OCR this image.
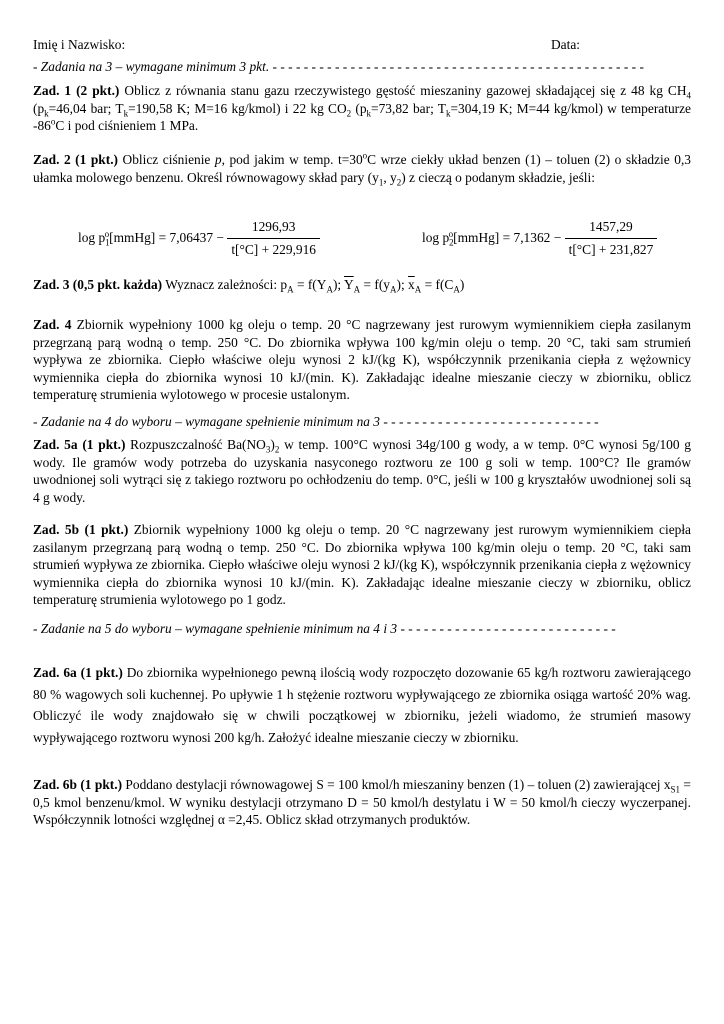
Imię i Nazwisko:	Data:
- Zadania na 3 – wymagane minimum 3 pkt. - - - - - - - - - - - - - - - - - - - - - - - - - - - - - - - - - - - - - - - - - - - - - - - -
Zad. 1 (2 pkt.) Oblicz z równania stanu gazu rzeczywistego gęstość mieszaniny gazowej składającej się z 48 kg $CH_4$ ($p_k=46,04$ bar; $T_k=190,58$ K; M=16 kg/kmol) i 22 kg $CO_2$ ($p_k=73,82$ bar; $T_k=304,19$ K; M=44 kg/kmol) w temperaturze -86$^o$C i pod ciśnieniem 1 MPa.
Zad. 2 (1 pkt.) Oblicz ciśnienie p, pod jakim w temp. $t=30^oC$ wrze ciekły układ benzen (1) – toluen (2) o składzie 0,3 ułamka molowego benzenu. Określ równowagowy skład pary ($y_1$, $y_2$) z cieczą o podanym składzie, jeśli:
$\log p_1^o[mmHg] = 7,06437 - \frac{1296,93}{t[^\circ C] + 229,916}$	$\log p_2^o[mmHg] = 7,1362 - \frac{1457,29}{t[^\circ C] + 231,827}$
Zad. 3 (0,5 pkt. każda) Wyznacz zależności: $p_A = f(Y_A)$; $\overline{Y}_A = f(y_A)$; $\overline{x}_A = f(C_A)$
Zad. 4 Zbiornik wypełniony 1000 kg oleju o temp. 20 °C nagrzewany jest rurowym wymiennikiem ciepła zasilanym przegrzaną parą wodną o temp. 250 °C. Do zbiornika wpływa 100 kg/min oleju o temp. 20 °C, taki sam strumień wypływa ze zbiornika. Ciepło właściwe oleju wynosi 2 kJ/(kg K), współczynnik przenikania ciepła z wężownicy wymiennika ciepła do zbiornika wynosi 10 kJ/(min. K). Zakładając idealne mieszanie cieczy w zbiorniku, oblicz temperaturę strumienia wylotowego w procesie ustalonym.
- Zadanie na 4 do wyboru – wymagane spełnienie minimum na 3 - - - - - - - - - - - - - - - - - - - - - - - - - - - -
Zad. 5a (1 pkt.) Rozpuszczalność $Ba(NO_3)_2$ w temp. 100°C wynosi 34g/100 g wody, a w temp. 0°C wynosi 5g/100 g wody. Ile gramów wody potrzeba do uzyskania nasyconego roztworu ze 100 g soli w temp. 100°C? Ile gramów uwodnionej soli wytrąci się z takiego roztworu po ochłodzeniu do temp. 0°C, jeśli w 100 g kryształów uwodnionej soli są 4 g wody.
Zad. 5b (1 pkt.) Zbiornik wypełniony 1000 kg oleju o temp. 20 °C nagrzewany jest rurowym wymiennikiem ciepła zasilanym przegrzaną parą wodną o temp. 250 °C. Do zbiornika wpływa 100 kg/min oleju o temp. 20 °C, taki sam strumień wypływa ze zbiornika. Ciepło właściwe oleju wynosi 2 kJ/(kg K), współczynnik przenikania ciepła z wężownicy wymiennika ciepła do zbiornika wynosi 10 kJ/(min. K). Zakładając idealne mieszanie cieczy w zbiorniku, oblicz temperaturę strumienia wylotowego po 1 godz.
- Zadanie na 5 do wyboru – wymagane spełnienie minimum na 4 i 3 - - - - - - - - - - - - - - - - - - - - - - - - - - - -
Zad. 6a (1 pkt.) Do zbiornika wypełnionego pewną ilością wody rozpoczęto dozowanie 65 kg/h roztworu zawierającego 80 % wagowych soli kuchennej. Po upływie 1 h stężenie roztworu wypływającego ze zbiornika osiąga wartość 20% wag. Obliczyć ile wody znajdowało się w chwili początkowej w zbiorniku, jeżeli wiadomo, że strumień masowy wypływającego roztworu wynosi 200 kg/h. Założyć idealne mieszanie cieczy w zbiorniku.
Zad. 6b (1 pkt.) Poddano destylacji równowagowej S = 100 kmol/h mieszaniny benzen (1) – toluen (2) zawierającej $x_{S1} = 0,5$ kmol benzenu/kmol. W wyniku destylacji otrzymano D = 50 kmol/h destylatu i W = 50 kmol/h cieczy wyczerpanej. Współczynnik lotności względnej α =2,45. Oblicz skład otrzymanych produktów.
